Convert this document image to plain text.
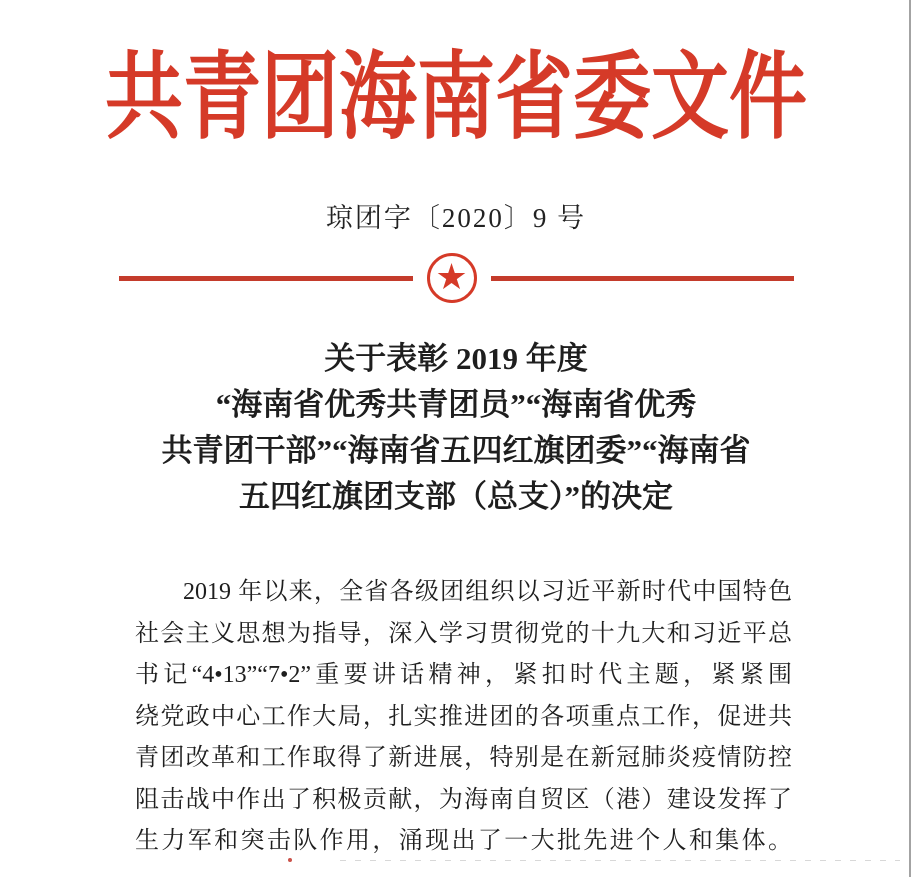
共青团海南省委文件
琼团字〔2020〕9 号
★
关于表彰 2019 年度
“海南省优秀共青团员”“海南省优秀
共青团干部”“海南省五四红旗团委”“海南省
五四红旗团支部（总支）”的决定
2019 年以来，全省各级团组织以习近平新时代中国特色
社会主义思想为指导，深入学习贯彻党的十九大和习近平总
书记“4•13”“7•2”重要讲话精神，紧扣时代主题，紧紧围
绕党政中心工作大局，扎实推进团的各项重点工作，促进共
青团改革和工作取得了新进展，特别是在新冠肺炎疫情防控
阻击战中作出了积极贡献，为海南自贸区（港）建设发挥了
生力军和突击队作用，涌现出了一大批先进个人和集体。
